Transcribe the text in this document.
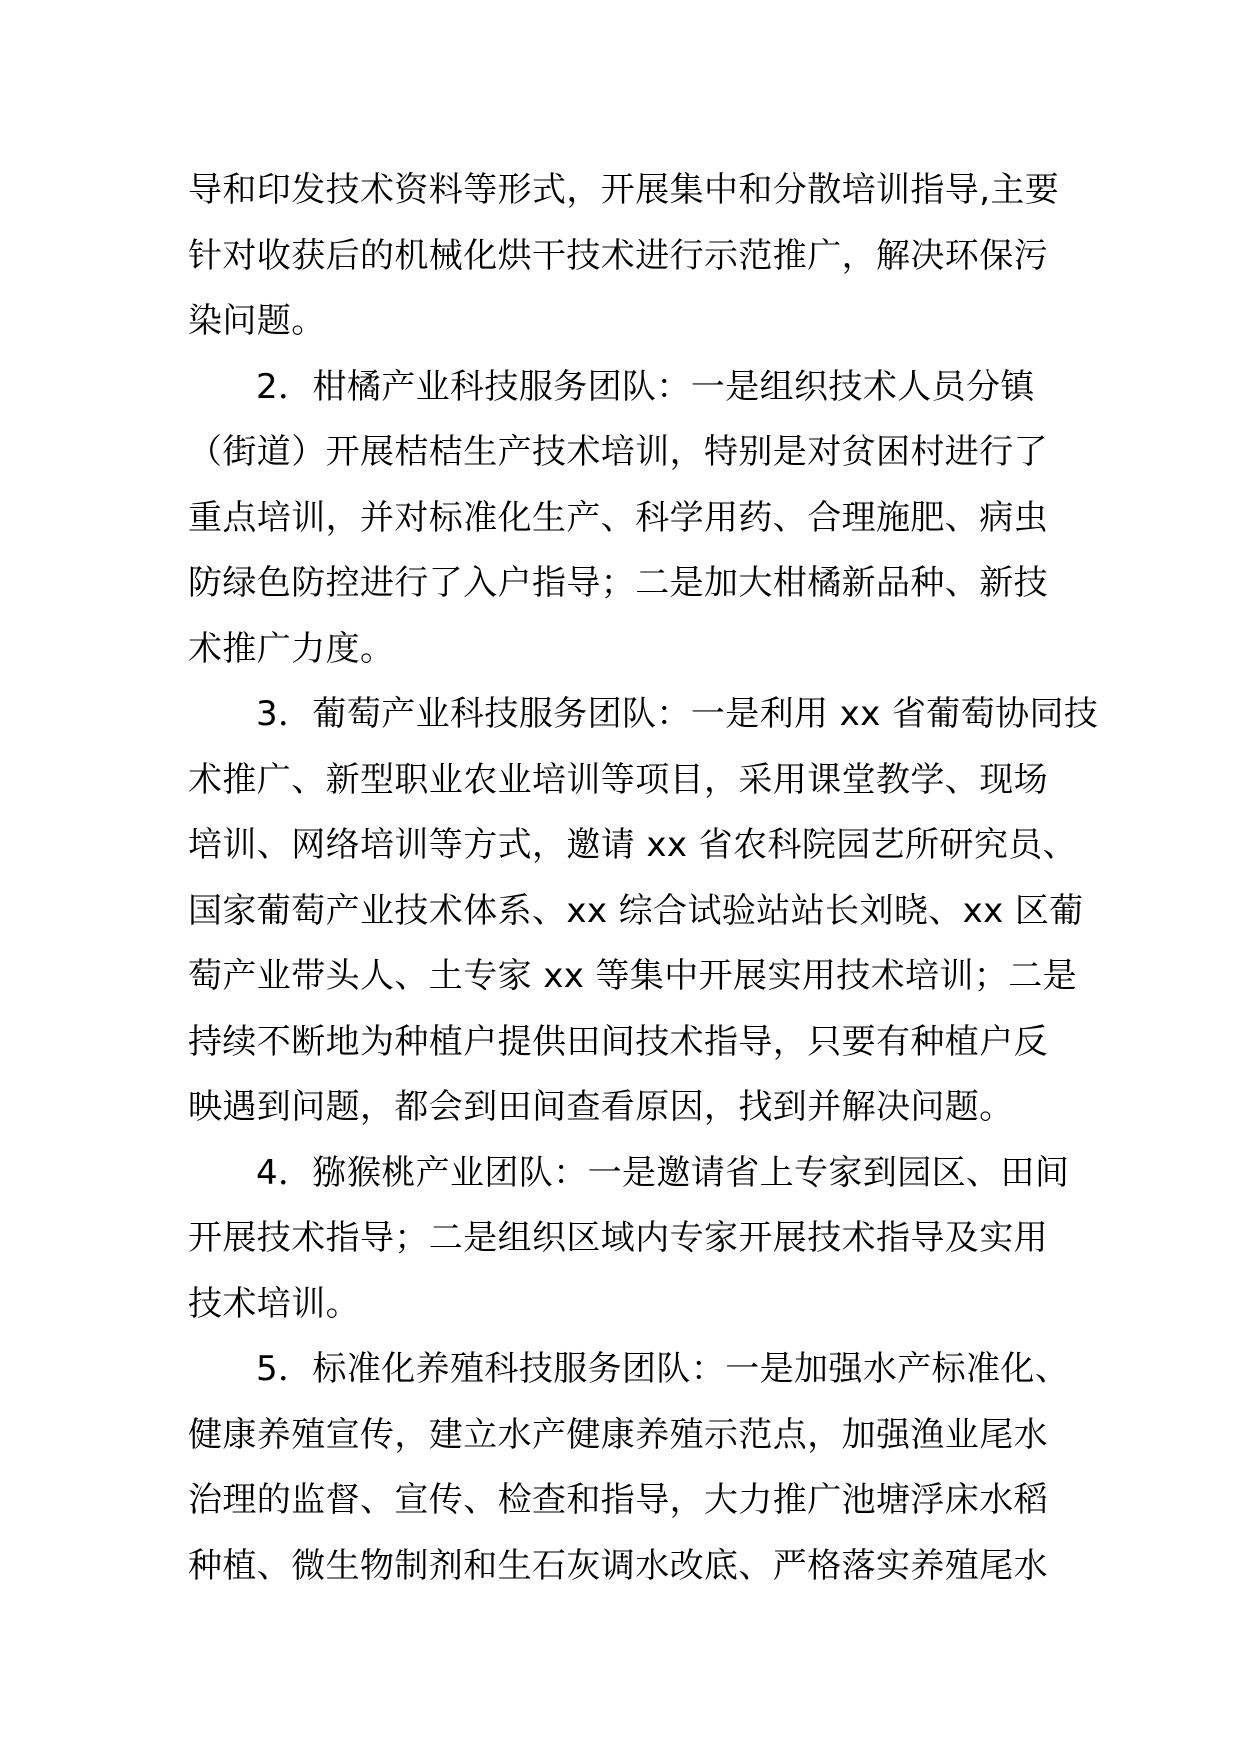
导和印发技术资料等形式，开展集中和分散培训指导,主要
针对收获后的机械化烘干技术进行示范推广，解决环保污
染问题。
2．柑橘产业科技服务团队：一是组织技术人员分镇
（街道）开展桔桔生产技术培训，特别是对贫困村进行了
重点培训，并对标准化生产、科学用药、合理施肥、病虫
防绿色防控进行了入户指导；二是加大柑橘新品种、新技
术推广力度。
3．葡萄产业科技服务团队：一是利用 xx 省葡萄协同技
术推广、新型职业农业培训等项目，采用课堂教学、现场
培训、网络培训等方式，邀请 xx 省农科院园艺所研究员、
国家葡萄产业技术体系、xx 综合试验站站长刘晓、xx 区葡
萄产业带头人、土专家 xx 等集中开展实用技术培训；二是
持续不断地为种植户提供田间技术指导，只要有种植户反
映遇到问题，都会到田间查看原因，找到并解决问题。
4．猕猴桃产业团队：一是邀请省上专家到园区、田间
开展技术指导；二是组织区域内专家开展技术指导及实用
技术培训。
5．标准化养殖科技服务团队：一是加强水产标准化、
健康养殖宣传，建立水产健康养殖示范点，加强渔业尾水
治理的监督、宣传、检查和指导，大力推广池塘浮床水稻
种植、微生物制剂和生石灰调水改底、严格落实养殖尾水
